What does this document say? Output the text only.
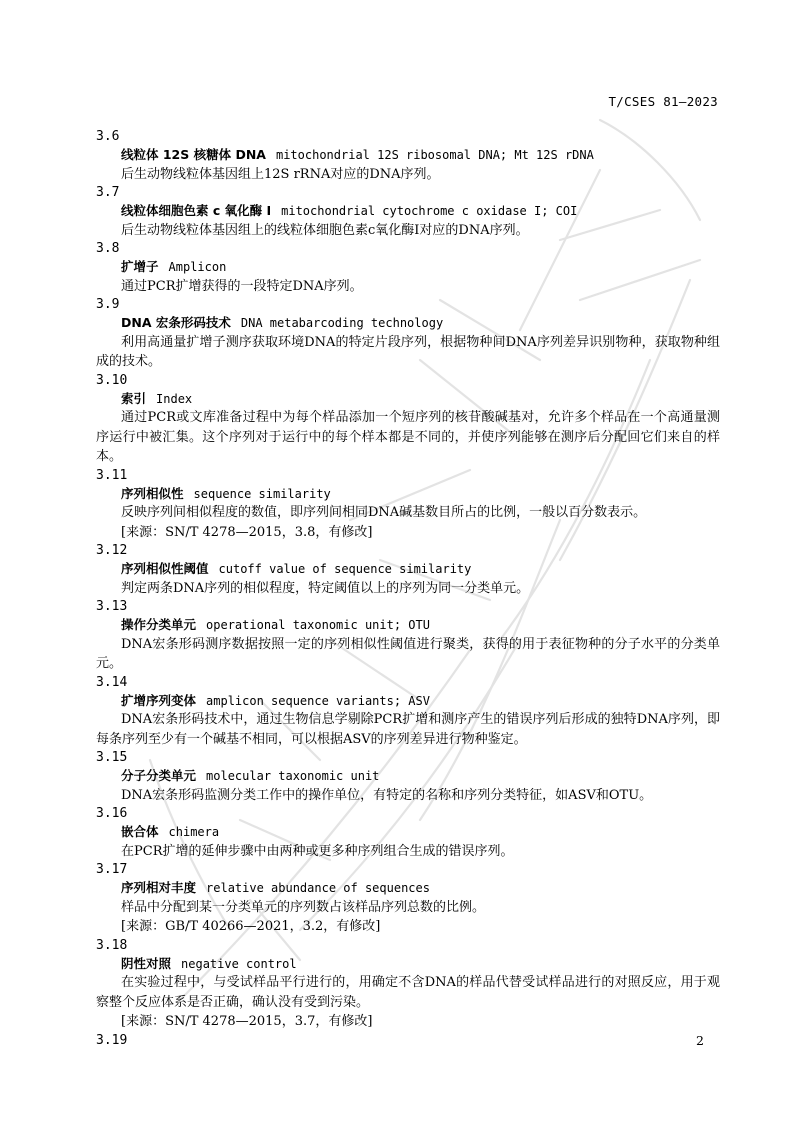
T/CSES 81—2023
3.6
线粒体 12S 核糖体 DNA mitochondrial 12S ribosomal DNA; Mt 12S rDNA
后生动物线粒体基因组上12S rRNA对应的DNA序列。
3.7
线粒体细胞色素 c 氧化酶 I mitochondrial cytochrome c oxidase I; COI
后生动物线粒体基因组上的线粒体细胞色素c氧化酶I对应的DNA序列。
3.8
扩增子 Amplicon
通过PCR扩增获得的一段特定DNA序列。
3.9
DNA 宏条形码技术 DNA metabarcoding technology
利用高通量扩增子测序获取环境DNA的特定片段序列，根据物种间DNA序列差异识别物种，获取物种组成的技术。
3.10
索引 Index
通过PCR或文库准备过程中为每个样品添加一个短序列的核苷酸碱基对，允许多个样品在一个高通量测序运行中被汇集。这个序列对于运行中的每个样本都是不同的，并使序列能够在测序后分配回它们来自的样本。
3.11
序列相似性 sequence similarity
反映序列间相似程度的数值，即序列间相同DNA碱基数目所占的比例，一般以百分数表示。
[来源：SN/T 4278—2015，3.8，有修改]
3.12
序列相似性阈值 cutoff value of sequence similarity
判定两条DNA序列的相似程度，特定阈值以上的序列为同一分类单元。
3.13
操作分类单元 operational taxonomic unit; OTU
DNA宏条形码测序数据按照一定的序列相似性阈值进行聚类，获得的用于表征物种的分子水平的分类单元。
3.14
扩增序列变体 amplicon sequence variants; ASV
DNA宏条形码技术中，通过生物信息学剔除PCR扩增和测序产生的错误序列后形成的独特DNA序列，即每条序列至少有一个碱基不相同，可以根据ASV的序列差异进行物种鉴定。
3.15
分子分类单元 molecular taxonomic unit
DNA宏条形码监测分类工作中的操作单位，有特定的名称和序列分类特征，如ASV和OTU。
3.16
嵌合体 chimera
在PCR扩增的延伸步骤中由两种或更多种序列组合生成的错误序列。
3.17
序列相对丰度 relative abundance of sequences
样品中分配到某一分类单元的序列数占该样品序列总数的比例。
[来源：GB/T 40266—2021，3.2，有修改]
3.18
阴性对照 negative control
在实验过程中，与受试样品平行进行的，用确定不含DNA的样品代替受试样品进行的对照反应，用于观察整个反应体系是否正确，确认没有受到污染。
[来源：SN/T 4278—2015，3.7，有修改]
3.19	2
